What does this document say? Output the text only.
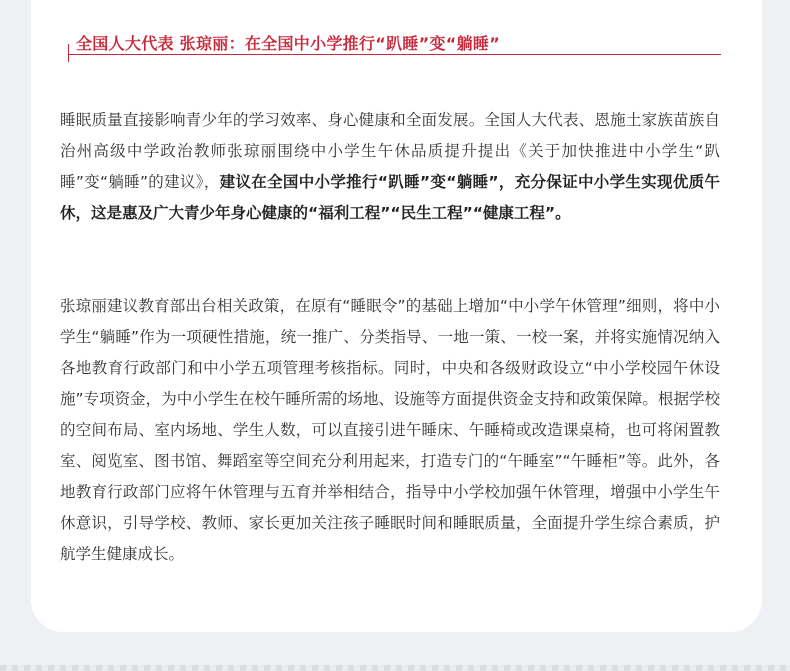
全国人大代表 张琼丽：在全国中小学推行“趴睡”变“躺睡”
睡眠质量直接影响青少年的学习效率、身心健康和全面发展。全国人大代表、恩施土家族苗族自治州高级中学政治教师张琼丽围绕中小学生午休品质提升提出《关于加快推进中小学生“趴睡”变“躺睡”的建议》，建议在全国中小学推行“趴睡”变“躺睡”，充分保证中小学生实现优质午休，这是惠及广大青少年身心健康的“福利工程”“民生工程”“健康工程”。
张琼丽建议教育部出台相关政策，在原有“睡眠令”的基础上增加“中小学午休管理”细则，将中小学生“躺睡”作为一项硬性措施，统一推广、分类指导、一地一策、一校一案，并将实施情况纳入各地教育行政部门和中小学五项管理考核指标。同时，中央和各级财政设立“中小学校园午休设施”专项资金，为中小学生在校午睡所需的场地、设施等方面提供资金支持和政策保障。根据学校的空间布局、室内场地、学生人数，可以直接引进午睡床、午睡椅或改造课桌椅，也可将闲置教室、阅览室、图书馆、舞蹈室等空间充分利用起来，打造专门的“午睡室”“午睡柜”等。此外，各地教育行政部门应将午休管理与五育并举相结合，指导中小学校加强午休管理，增强中小学生午休意识，引导学校、教师、家长更加关注孩子睡眠时间和睡眠质量，全面提升学生综合素质，护航学生健康成长。
